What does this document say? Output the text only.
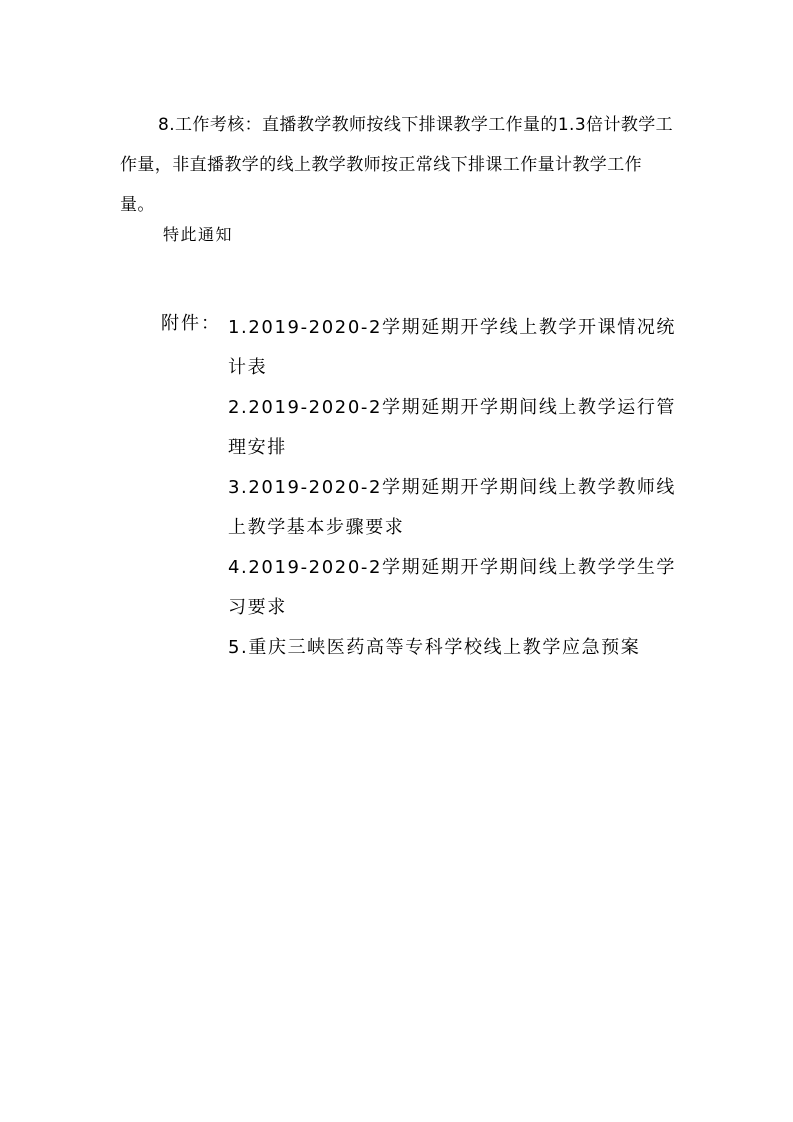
8.工作考核：直播教学教师按线下排课教学工作量的1.3倍计教学工作量，非直播教学的线上教学教师按正常线下排课工作量计教学工作量。

特此通知

附件： 1.2019-2020-2学期延期开学线上教学开课情况统计表
2.2019-2020-2学期延期开学期间线上教学运行管理安排
3.2019-2020-2学期延期开学期间线上教学教师线上教学基本步骤要求
4.2019-2020-2学期延期开学期间线上教学学生学习要求
5.重庆三峡医药高等专科学校线上教学应急预案
